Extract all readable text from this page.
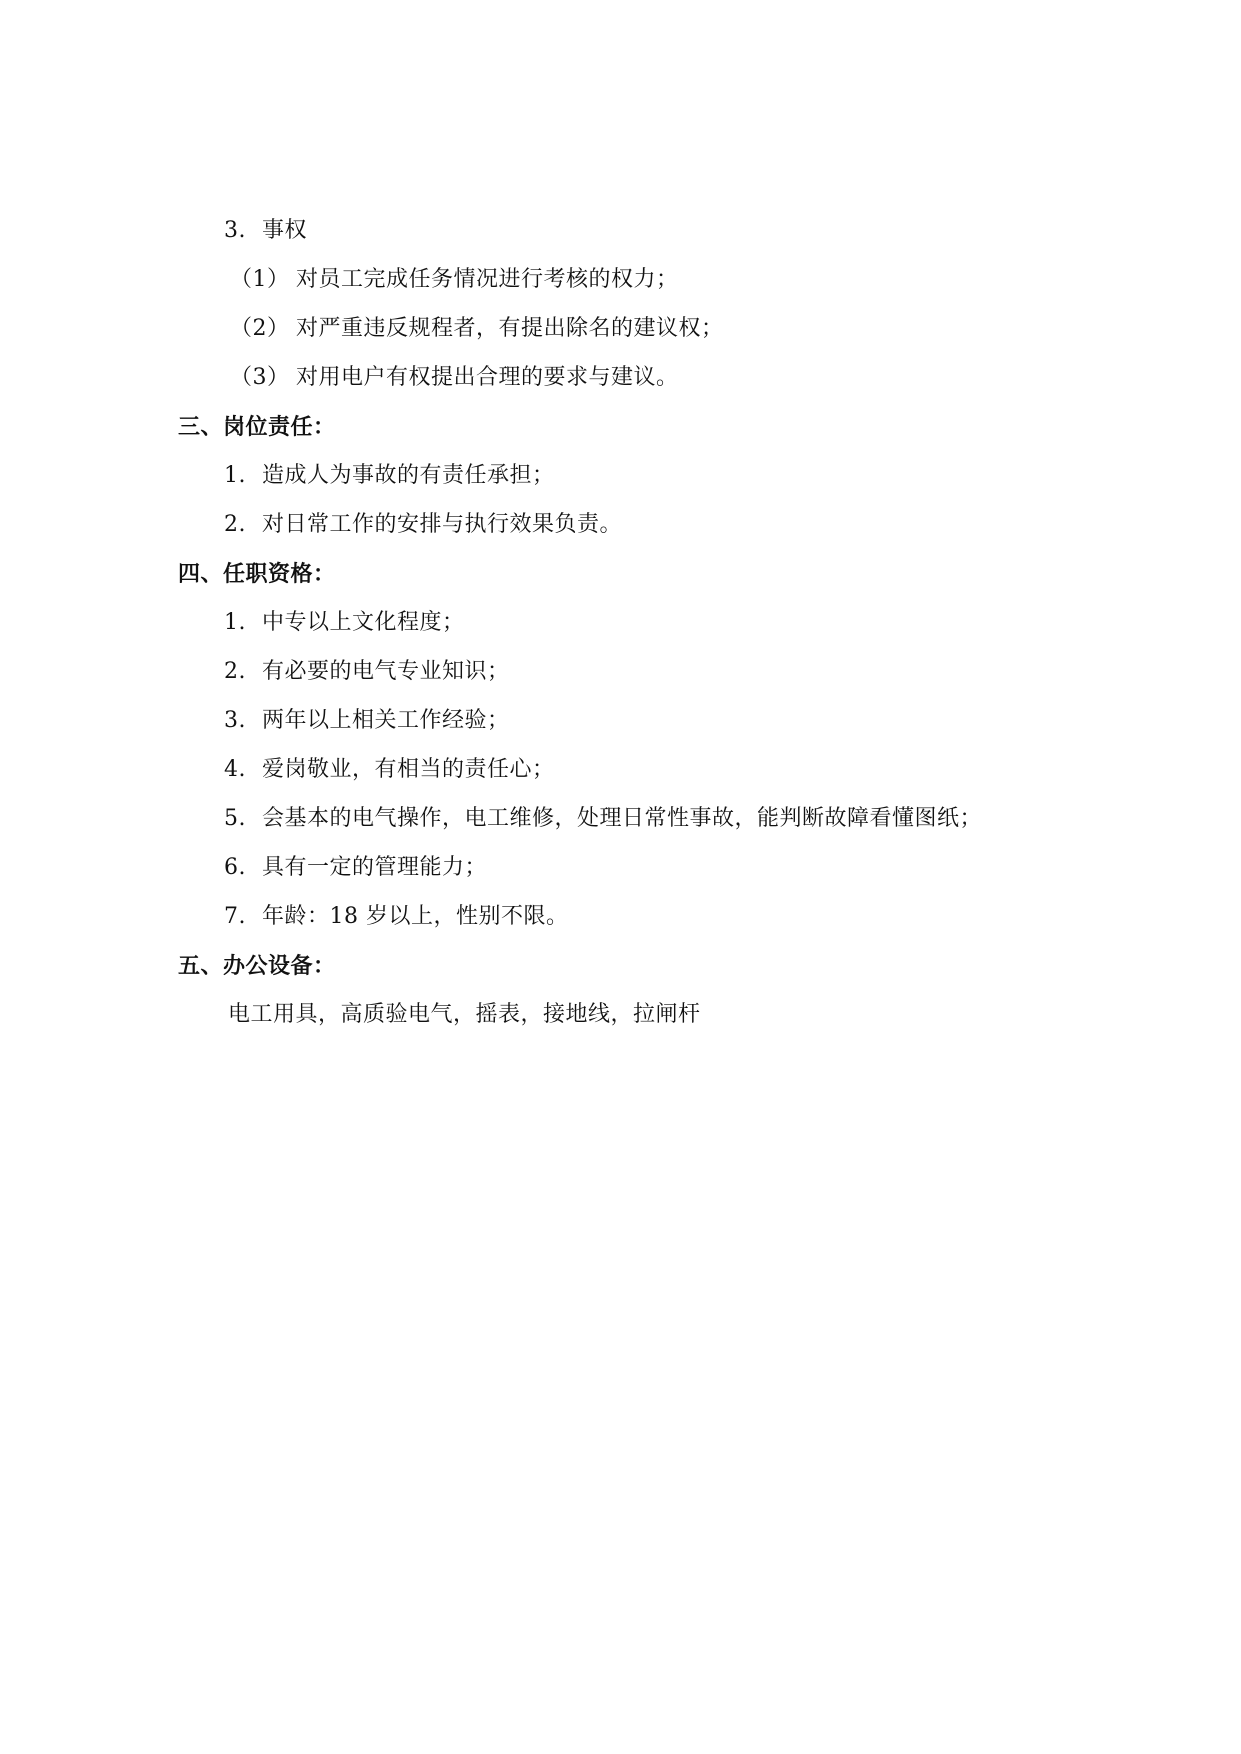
3. 事权
（1） 对员工完成任务情况进行考核的权力；
（2） 对严重违反规程者，有提出除名的建议权；
（3） 对用电户有权提出合理的要求与建议。
三、岗位责任：
1. 造成人为事故的有责任承担；
2. 对日常工作的安排与执行效果负责。
四、任职资格：
1. 中专以上文化程度；
2. 有必要的电气专业知识；
3. 两年以上相关工作经验；
4. 爱岗敬业，有相当的责任心；
5. 会基本的电气操作，电工维修，处理日常性事故，能判断故障看懂图纸；
6. 具有一定的管理能力；
7. 年龄：18 岁以上，性别不限。
五、办公设备：
电工用具，高质验电气，摇表，接地线，拉闸杆
